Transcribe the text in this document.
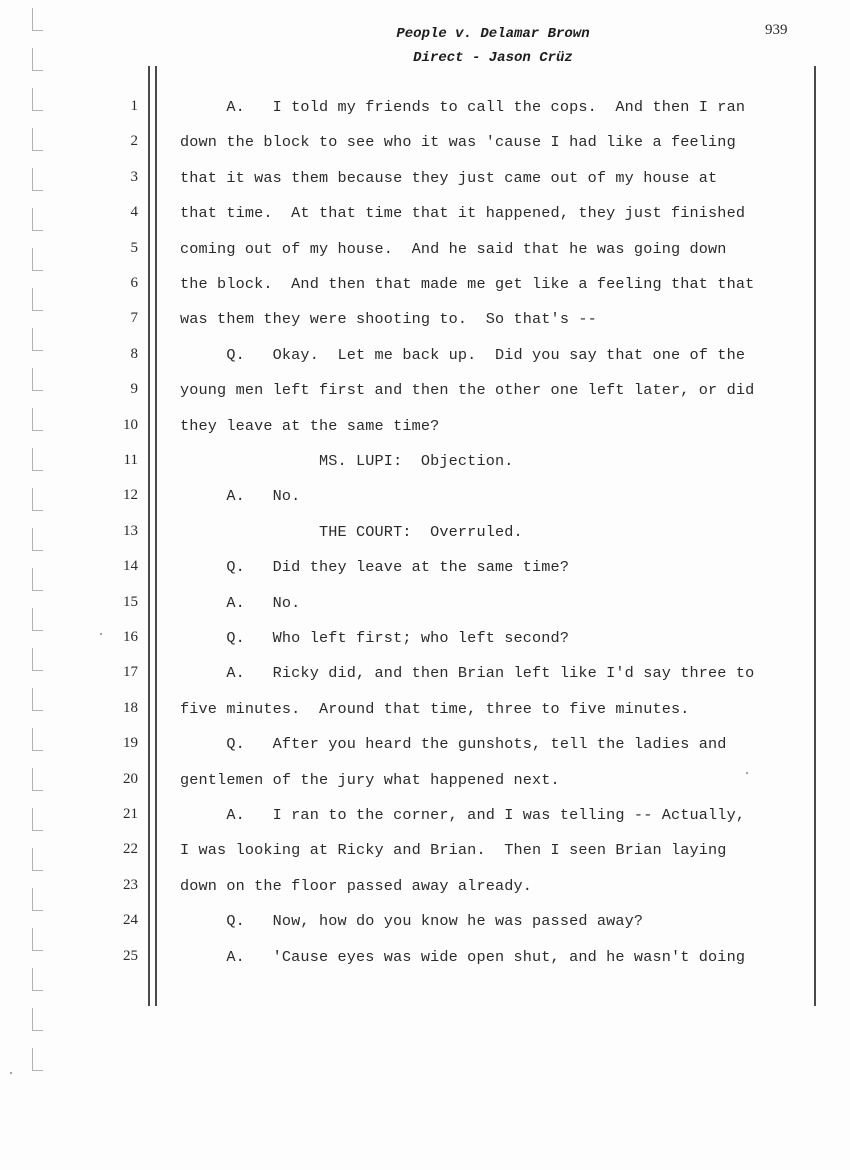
People v. Delamar Brown
Direct - Jason Crüz
939
1	A.   I told my friends to call the cops.  And then I ran
2	down the block to see who it was 'cause I had like a feeling
3	that it was them because they just came out of my house at
4	that time.  At that time that it happened, they just finished
5	coming out of my house.  And he said that he was going down
6	the block.  And then that made me get like a feeling that that
7	was them they were shooting to.  So that's --
8	Q.   Okay.  Let me back up.  Did you say that one of the
9	young men left first and then the other one left later, or did
10	they leave at the same time?
11	MS. LUPI:  Objection.
12	A.   No.
13	THE COURT:  Overruled.
14	Q.   Did they leave at the same time?
15	A.   No.
16	Q.   Who left first; who left second?
17	A.   Ricky did, and then Brian left like I'd say three to
18	five minutes.  Around that time, three to five minutes.
19	Q.   After you heard the gunshots, tell the ladies and
20	gentlemen of the jury what happened next.
21	A.   I ran to the corner, and I was telling -- Actually,
22	I was looking at Ricky and Brian.  Then I seen Brian laying
23	down on the floor passed away already.
24	Q.   Now, how do you know he was passed away?
25	A.   'Cause eyes was wide open shut, and he wasn't doing
